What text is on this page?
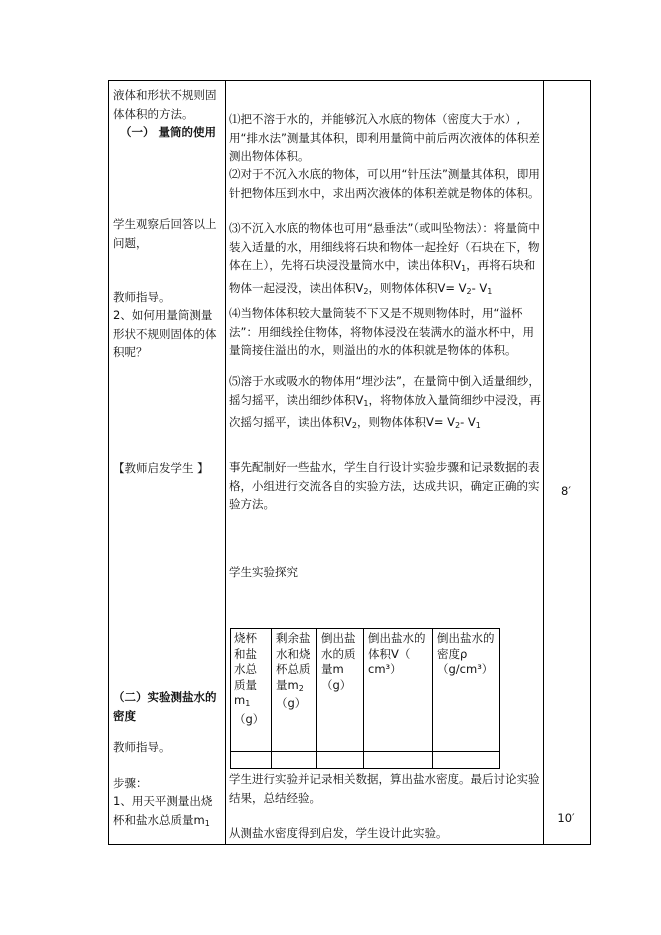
液体和形状不规则固体体积的方法。
（一） 量筒的使用
学生观察后回答以上问题，
教师指导。
2、如何用量筒测量形状不规则固体的体积呢？
【教师启发学生 】
（二）实验测盐水的密度
教师指导。
步骤：
1、用天平测量出烧杯和盐水总质量$m_1$
⑴把不溶于水的，并能够沉入水底的物体（密度大于水）,用“排水法”测量其体积，即利用量筒中前后两次液体的体积差测出物体体积。
⑵对于不沉入水底的物体，可以用“针压法”测量其体积，即用针把物体压到水中，求出两次液体的体积差就是物体的体积。
⑶不沉入水底的物体也可用“悬垂法”（或叫坠物法）：将量筒中装入适量的水，用细线将石块和物体一起拴好（石块在下，物体在上），先将石块浸没量筒水中，读出体积$V_1$，再将石块和物体一起浸没，读出体积$V_2$，则物体体积$V= V_2-$ $V_1$
⑷当物体体积较大量筒装不下又是不规则物体时，用“溢杯法”：用细线拴住物体，将物体浸没在装满水的溢水杯中，用量筒接住溢出的水，则溢出的水的体积就是物体的体积。
⑸溶于水或吸水的物体用“埋沙法”，在量筒中倒入适量细纱，摇匀摇平，读出细纱体积$V_1$，将物体放入量筒细纱中浸没，再次摇匀摇平，读出体积$V_2$，则物体体积$V= V_2-$ $V_1$
事先配制好一些盐水，学生自行设计实验步骤和记录数据的表格，小组进行交流各自的实验方法，达成共识，确定正确的实验方法。
学生实验探究
烧杯和盐水总质量$m_1$
（g）
剩余盐水和烧杯总质量$m_2$
（g）
倒出盐水的质量m（g）
倒出盐水的体积V（ cm³）
倒出盐水的密度ρ（g/cm³）
学生进行实验并记录相关数据，算出盐水密度。最后讨论实验结果，总结经验。
从测盐水密度得到启发，学生设计此实验。
8′
10′
